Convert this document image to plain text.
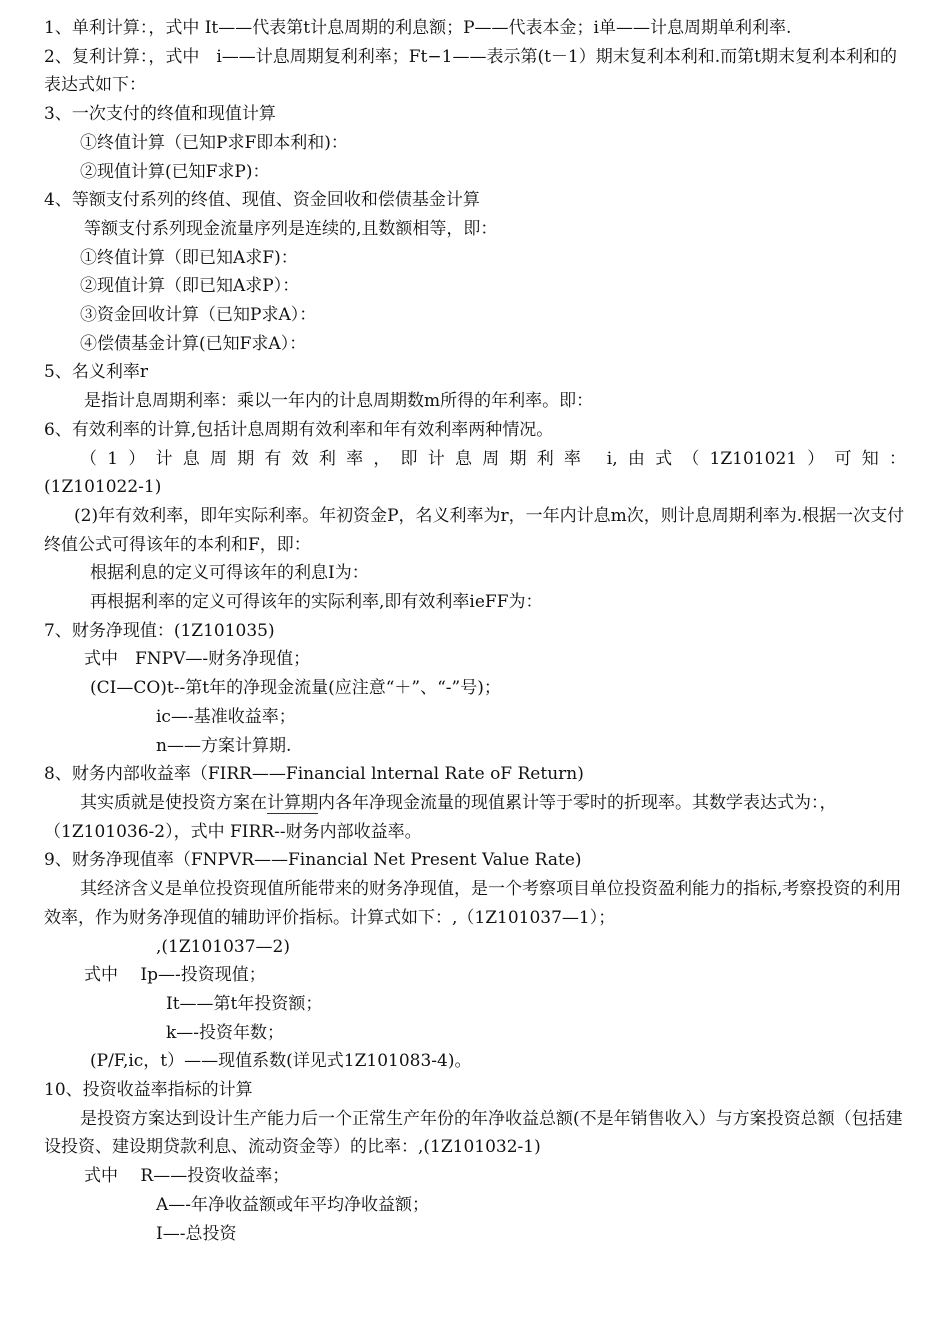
1、单利计算：，式中 It——代表第t计息周期的利息额；P——代表本金；i单——计息周期单利利率.
2、复利计算：，式中　i——计息周期复利利率；Ft−1——表示第(t－1）期末复利本利和.而第t期末复利本利和的表达式如下：
3、一次支付的终值和现值计算
①终值计算（已知P求F即本利和)：
②现值计算(已知F求P)：
4、等额支付系列的终值、现值、资金回收和偿债基金计算
等额支付系列现金流量序列是连续的,且数额相等，即：
①终值计算（即已知A求F)：
②现值计算（即已知A求P）：
③资金回收计算（已知P求A）：
④偿债基金计算(已知F求A）：
5、名义利率r
是指计息周期利率：乘以一年内的计息周期数m所得的年利率。即：
6、有效利率的计算,包括计息周期有效利率和年有效利率两种情况。
（1）计息周期有效利率，即计息周期利率 i,由式（1Z101021）可知：
(1Z101022-1)
(2)年有效利率，即年实际利率。年初资金P，名义利率为r，一年内计息m次，则计息周期利率为.根据一次支付终值公式可得该年的本利和F，即：
根据利息的定义可得该年的利息I为：
再根据利率的定义可得该年的实际利率,即有效利率ieFF为：
7、财务净现值：(1Z101035)
式中　FNPV—-财务净现值；
(CI—CO)t--第t年的净现金流量(应注意“＋”、“-”号)；
ic—-基准收益率；
n——方案计算期.
8、财务内部收益率（FIRR——Financial lnternal Rate oF Return)
其实质就是使投资方案在计算期内各年净现金流量的现值累计等于零时的折现率。其数学表达式为：，（1Z101036-2），式中 FIRR--财务内部收益率。
9、财务净现值率（FNPVR——Financial Net Present Value Rate)
其经济含义是单位投资现值所能带来的财务净现值，是一个考察项目单位投资盈利能力的指标,考察投资的利用效率，作为财务净现值的辅助评价指标。计算式如下：,（1Z101037—1）；
,(1Z101037—2)
式中　 Ip—-投资现值；
It——第t年投资额；
k—-投资年数；
(P/F,ic，t）——现值系数(详见式1Z101083-4)。
10、投资收益率指标的计算
是投资方案达到设计生产能力后一个正常生产年份的年净收益总额(不是年销售收入）与方案投资总额（包括建设投资、建设期贷款利息、流动资金等）的比率：,(1Z101032-1)
式中　 R——投资收益率；
A—-年净收益额或年平均净收益额；
I—-总投资
